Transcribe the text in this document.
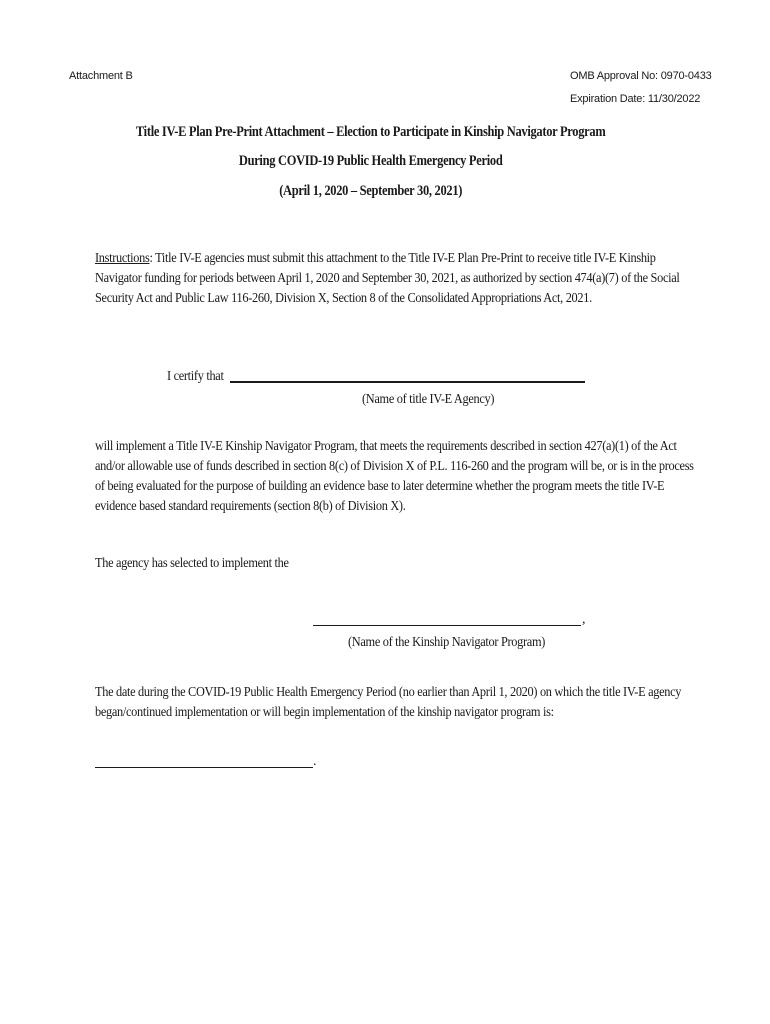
Attachment B	OMB Approval No: 0970-0433
Expiration Date: 11/30/2022
Title IV-E Plan Pre-Print Attachment – Election to Participate in Kinship Navigator Program
During COVID-19 Public Health Emergency Period
(April 1, 2020 – September 30, 2021)
Instructions: Title IV-E agencies must submit this attachment to the Title IV-E Plan Pre-Print to receive title IV-E Kinship
Navigator funding for periods between April 1, 2020 and September 30, 2021, as authorized by section 474(a)(7) of the Social
Security Act and Public Law 116-260, Division X, Section 8 of the Consolidated Appropriations Act, 2021.
I certify that
(Name of title IV-E Agency)
will implement a Title IV-E Kinship Navigator Program, that meets the requirements described in section 427(a)(1) of the Act
and/or allowable use of funds described in section 8(c) of Division X of P.L. 116-260 and the program will be, or is in the process
of being evaluated for the purpose of building an evidence base to later determine whether the program meets the title IV-E
evidence based standard requirements (section 8(b) of Division X).
The agency has selected to implement the
,
(Name of the Kinship Navigator Program)
The date during the COVID-19 Public Health Emergency Period (no earlier than April 1, 2020) on which the title IV-E agency
began/continued implementation or will begin implementation of the kinship navigator program is:
.
